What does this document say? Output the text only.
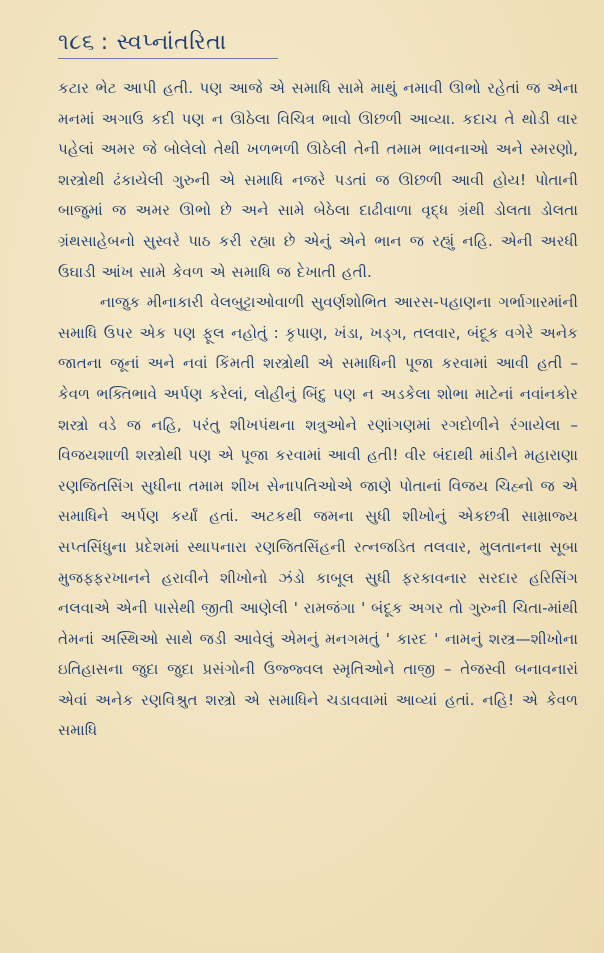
૧૮૬ : સ્વપ્નાંતરિતા

કટાર ભેટ આપી હતી. પણ આજે એ સમાધિ સામે માથું નમાવી ઊભો રહેતાં જ એના મનમાં અગાઉ કદી પણ ન ઊઠેલા વિચિત્ર ભાવો ઊછળી આવ્યા. કદાચ તે થોડી વાર પહેલાં અમર જે બોલેલો તેથી ખળભળી ઊઠેલી તેની તમામ ભાવનાઓ અને સ્મરણો, શસ્ત્રોથી ઢંકાયેલી ગુરુની એ સમાધિ નજરે પડતાં જ ઊછળી આવી હોય! પોતાની બાજુમાં જ અમર ઊભો છે અને સામે બેઠેલા દાઢીવાળા વૃદ્ધ ગ્રંથી ડોલતા ડોલતા ગ્રંથસાહેબનો સુસ્વરે પાઠ કરી રહ્યા છે એનું એને ભાન જ રહ્યું નહિ. એની અરધી ઉઘાડી આંખ સામે કેવળ એ સમાધિ જ દેખાતી હતી.

નાજુક મીનાકારી વેલબુટ્ટાઓવાળી સુવર્ણશોભિત આરસ-પહાણના ગર્ભાગારમાંની સમાધિ ઉપર એક પણ ફૂલ નહોતું : કૃપાણ, ખંડા, ખડ્ગ, તલવાર, બંદૂક વગેરે અનેક જાતના જૂનાં અને નવાં કિંમતી શસ્ત્રોથી એ સમાધિની પૂજા કરવામાં આવી હતી – કેવળ ભક્તિભાવે અર્પણ કરેલાં, લોહીનું બિંદુ પણ ન અડકેલા શોભા માટેનાં નવાંનકોર શસ્ત્રો વડે જ નહિ, પરંતુ શીખપંથના શત્રુઓને રણાંગણમાં રગદોળીને રંગાયેલા – વિજયશાળી શસ્ત્રોથી પણ એ પૂજા કરવામાં આવી હતી! વીર બંદાથી માંડીને મહારાણા રણજિતસિંગ સુધીના તમામ શીખ સેનાપતિઓએ જાણે પોતાનાં વિજય ચિહ્નો જ એ સમાધિને અર્પણ કર્યાં હતાં. અટકથી જમના સુધી શીખોનું એકછત્રી સામ્રાજ્ય સપ્તસિંધુના પ્રદેશમાં સ્થાપનારા રણજિતસિંહની રત્નજડિત તલવાર, મુલતાનના સૂબા મુજફ્ફરખાનને હરાવીને શીખોનો ઝંડો કાબૂલ સુધી ફરકાવનાર સરદાર હરિસિંગ નલવાએ એની પાસેથી જીતી આણેલી ' રામજંગા ' બંદૂક અગર તો ગુરુની ચિતા-માંથી તેમનાં અસ્થિઓ સાથે જડી આવેલું એમનું મનગમતું ' કારદ ' નામનું શસ્ત્ર—શીખોના ઇતિહાસના જુદા જુદા પ્રસંગોની ઉજ્જ્વલ સ્મૃતિઓને તાજી – તેજસ્વી બનાવનારાં એવાં અનેક રણવિશ્રુત શસ્ત્રો એ સમાધિને ચડાવવામાં આવ્યાં હતાં. નહિ! એ કેવળ સમાધિ
